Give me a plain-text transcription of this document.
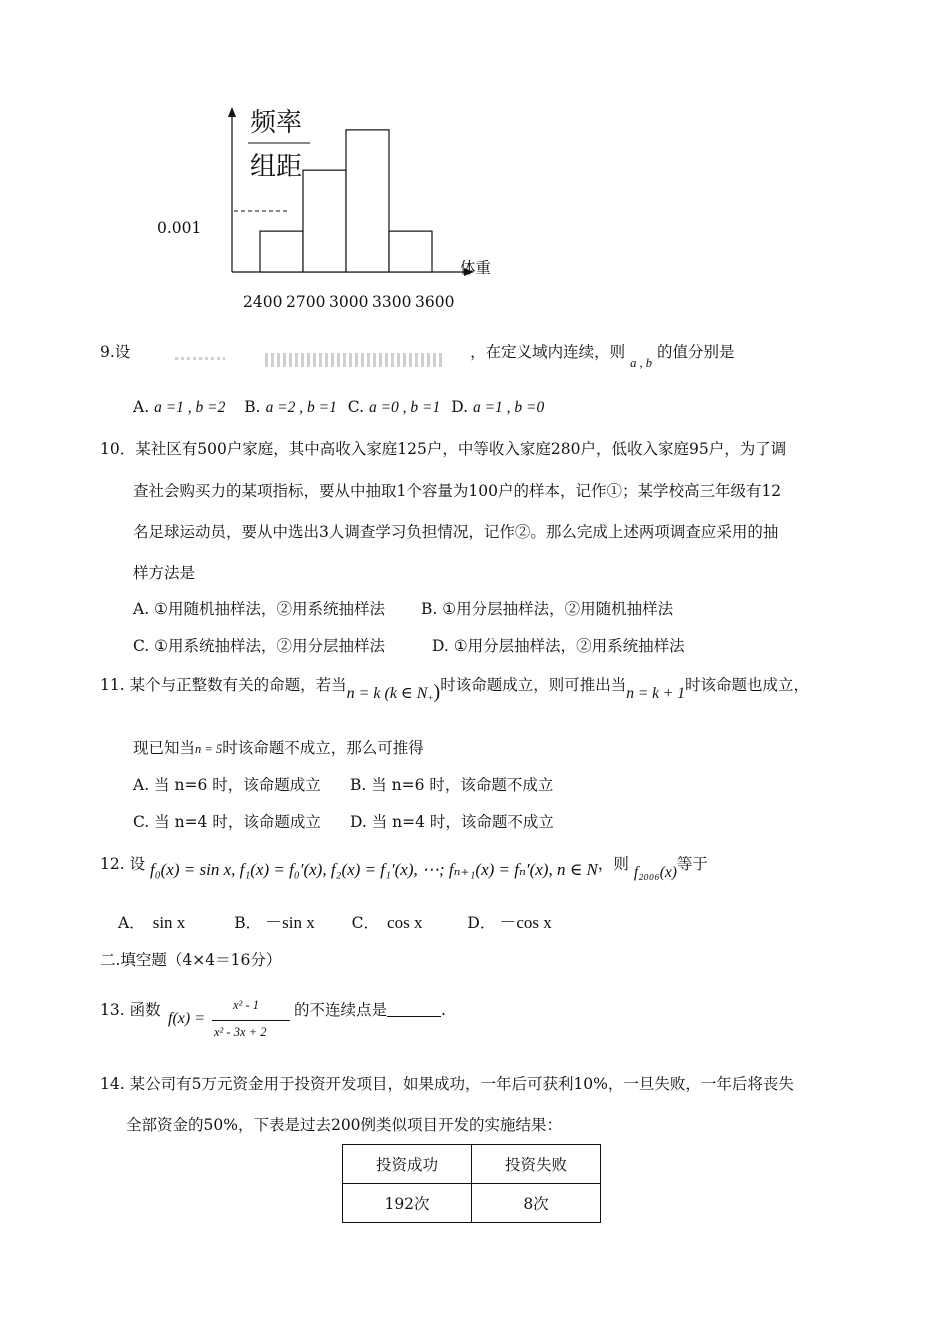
频率
组距
0.001
体重
2400 2700 3000 3300 3600
9.设	，在定义域内连续，则 $_{a , b}$ 的值分别是
A. a =1 , b =2 B. a =2 , b =1 C. a =0 , b =1 D. a =1 , b =0
10．某社区有500户家庭，其中高收入家庭125户，中等收入家庭280户，低收入家庭95户，为了调
查社会购买力的某项指标，要从中抽取1个容量为100户的样本，记作①；某学校高三年级有12
名足球运动员，要从中选出3人调查学习负担情况，记作②。那么完成上述两项调查应采用的抽
样方法是
A. ①用随机抽样法，②用系统抽样法 B. ①用分层抽样法，②用随机抽样法
C. ①用系统抽样法，②用分层抽样法	D. ①用分层抽样法，②用系统抽样法
11. 某个与正整数有关的命题，若当n = k (k ∈ $N_+$)时该命题成立，则可推出当n = k + 1时该命题也成立，
现已知当n = 5时该命题不成立，那么可推得
A. 当 n=6 时，该命题成立 B. 当 n=6 时，该命题不成立
C. 当 n=4 时，该命题成立 D. 当 n=4 时，该命题不成立
12. 设 f₀(x) = sin x, f₁(x) = f₀′(x), f₂(x) = f₁′(x), ⋯; fₙ₊₁(x) = fₙ′(x), n ∈ N，则 f₂₀₀₆(x)等于
A． sin x	B． －sin x C． cos x	D． －cos x
二.填空题（4×4＝16分）
13. 函数 f(x) =
x² - 1
x² - 3x + 2
的不连续点是	.
14. 某公司有5万元资金用于投资开发项目，如果成功，一年后可获利10%，一旦失败，一年后将丧失
全部资金的50%，下表是过去200例类似项目开发的实施结果：
投资成功	投资失败
192次	8次
